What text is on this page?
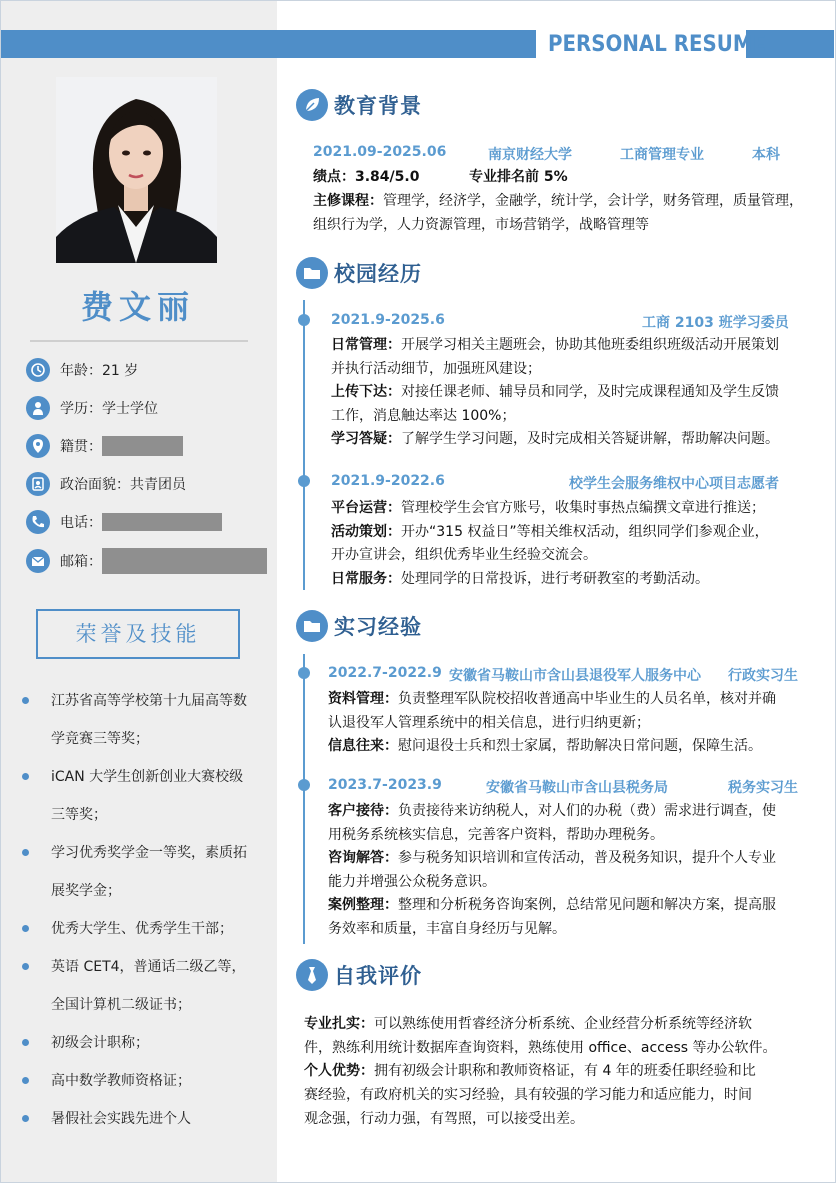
PERSONAL RESUME
费文丽
年龄：21 岁
学历：学士学位
籍贯：
政治面貌：共青团员
电话：
邮箱：
荣誉及技能
江苏省高等学校第十九届高等数
学竞赛三等奖；
iCAN 大学生创新创业大赛校级
三等奖；
学习优秀奖学金一等奖，素质拓
展奖学金；
优秀大学生、优秀学生干部；
英语 CET4，普通话二级乙等，
全国计算机二级证书；
初级会计职称；
高中数学教师资格证；
暑假社会实践先进个人
教育背景
2021.09-2025.06	南京财经大学	工商管理专业	本科
绩点：3.84/5.0	专业排名前 5%
主修课程：管理学，经济学，金融学，统计学，会计学，财务管理，质量管理，
组织行为学，人力资源管理，市场营销学，战略管理等
校园经历
2021.9-2025.6	工商 2103 班学习委员
日常管理：开展学习相关主题班会，协助其他班委组织班级活动开展策划
并执行活动细节，加强班风建设；
上传下达：对接任课老师、辅导员和同学，及时完成课程通知及学生反馈
工作，消息触达率达 100%；
学习答疑：了解学生学习问题，及时完成相关答疑讲解，帮助解决问题。
2021.9-2022.6	校学生会服务维权中心项目志愿者
平台运营：管理校学生会官方账号，收集时事热点编撰文章进行推送；
活动策划：开办“315 权益日”等相关维权活动，组织同学们参观企业，
开办宣讲会，组织优秀毕业生经验交流会。
日常服务：处理同学的日常投诉，进行考研教室的考勤活动。
实习经验
2022.7-2022.9 安徽省马鞍山市含山县退役军人服务中心 行政实习生
资料管理：负责整理军队院校招收普通高中毕业生的人员名单，核对并确
认退役军人管理系统中的相关信息，进行归纳更新；
信息往来：慰问退役士兵和烈士家属，帮助解决日常问题，保障生活。
2023.7-2023.9	安徽省马鞍山市含山县税务局	税务实习生
客户接待：负责接待来访纳税人，对人们的办税（费）需求进行调查，使
用税务系统核实信息，完善客户资料，帮助办理税务。
咨询解答：参与税务知识培训和宣传活动，普及税务知识，提升个人专业
能力并增强公众税务意识。
案例整理：整理和分析税务咨询案例，总结常见问题和解决方案，提高服
务效率和质量，丰富自身经历与见解。
自我评价
专业扎实：可以熟练使用哲睿经济分析系统、企业经营分析系统等经济软
件，熟练利用统计数据库查询资料，熟练使用 office、access 等办公软件。
个人优势：拥有初级会计职称和教师资格证，有 4 年的班委任职经验和比
赛经验，有政府机关的实习经验，具有较强的学习能力和适应能力，时间
观念强，行动力强，有驾照，可以接受出差。
